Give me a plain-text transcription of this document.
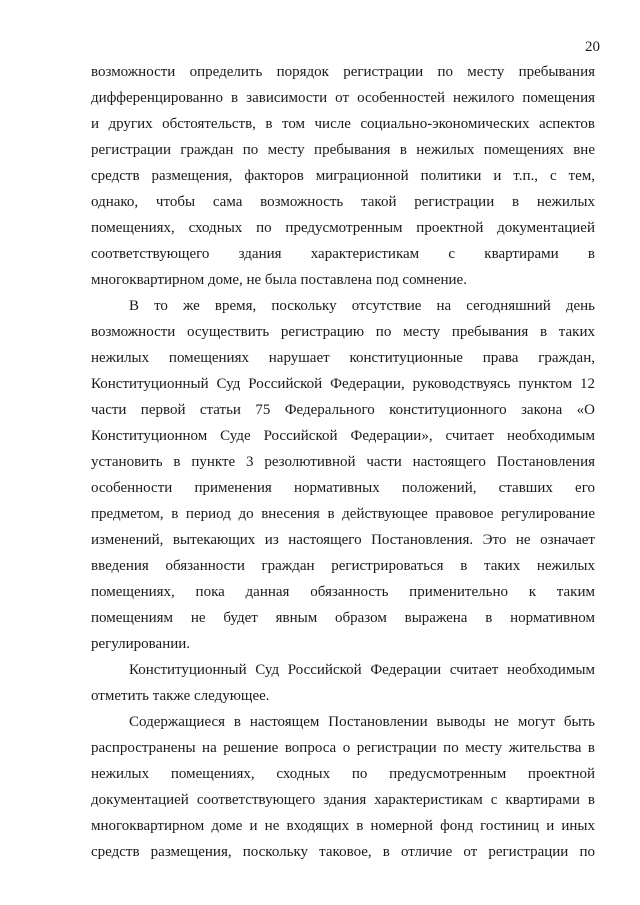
20
возможности определить порядок регистрации по месту пребывания
дифференцированно в зависимости от особенностей нежилого помещения
и других обстоятельств, в том числе социально-экономических аспектов
регистрации граждан по месту пребывания в нежилых помещениях вне
средств размещения, факторов миграционной политики и т.п., с тем,
однако, чтобы сама возможность такой регистрации в нежилых
помещениях, сходных по предусмотренным проектной документацией
соответствующего здания характеристикам с квартирами в
многоквартирном доме, не была поставлена под сомнение.
В то же время, поскольку отсутствие на сегодняшний день
возможности осуществить регистрацию по месту пребывания в таких
нежилых помещениях нарушает конституционные права граждан,
Конституционный Суд Российской Федерации, руководствуясь пунктом 12
части первой статьи 75 Федерального конституционного закона «О
Конституционном Суде Российской Федерации», считает необходимым
установить в пункте 3 резолютивной части настоящего Постановления
особенности применения нормативных положений, ставших его
предметом, в период до внесения в действующее правовое регулирование
изменений, вытекающих из настоящего Постановления. Это не означает
введения обязанности граждан регистрироваться в таких нежилых
помещениях, пока данная обязанность применительно к таким
помещениям не будет явным образом выражена в нормативном
регулировании.
Конституционный Суд Российской Федерации считает необходимым
отметить также следующее.
Содержащиеся в настоящем Постановлении выводы не могут быть
распространены на решение вопроса о регистрации по месту жительства в
нежилых помещениях, сходных по предусмотренным проектной
документацией соответствующего здания характеристикам с квартирами в
многоквартирном доме и не входящих в номерной фонд гостиниц и иных
средств размещения, поскольку таковое, в отличие от регистрации по
